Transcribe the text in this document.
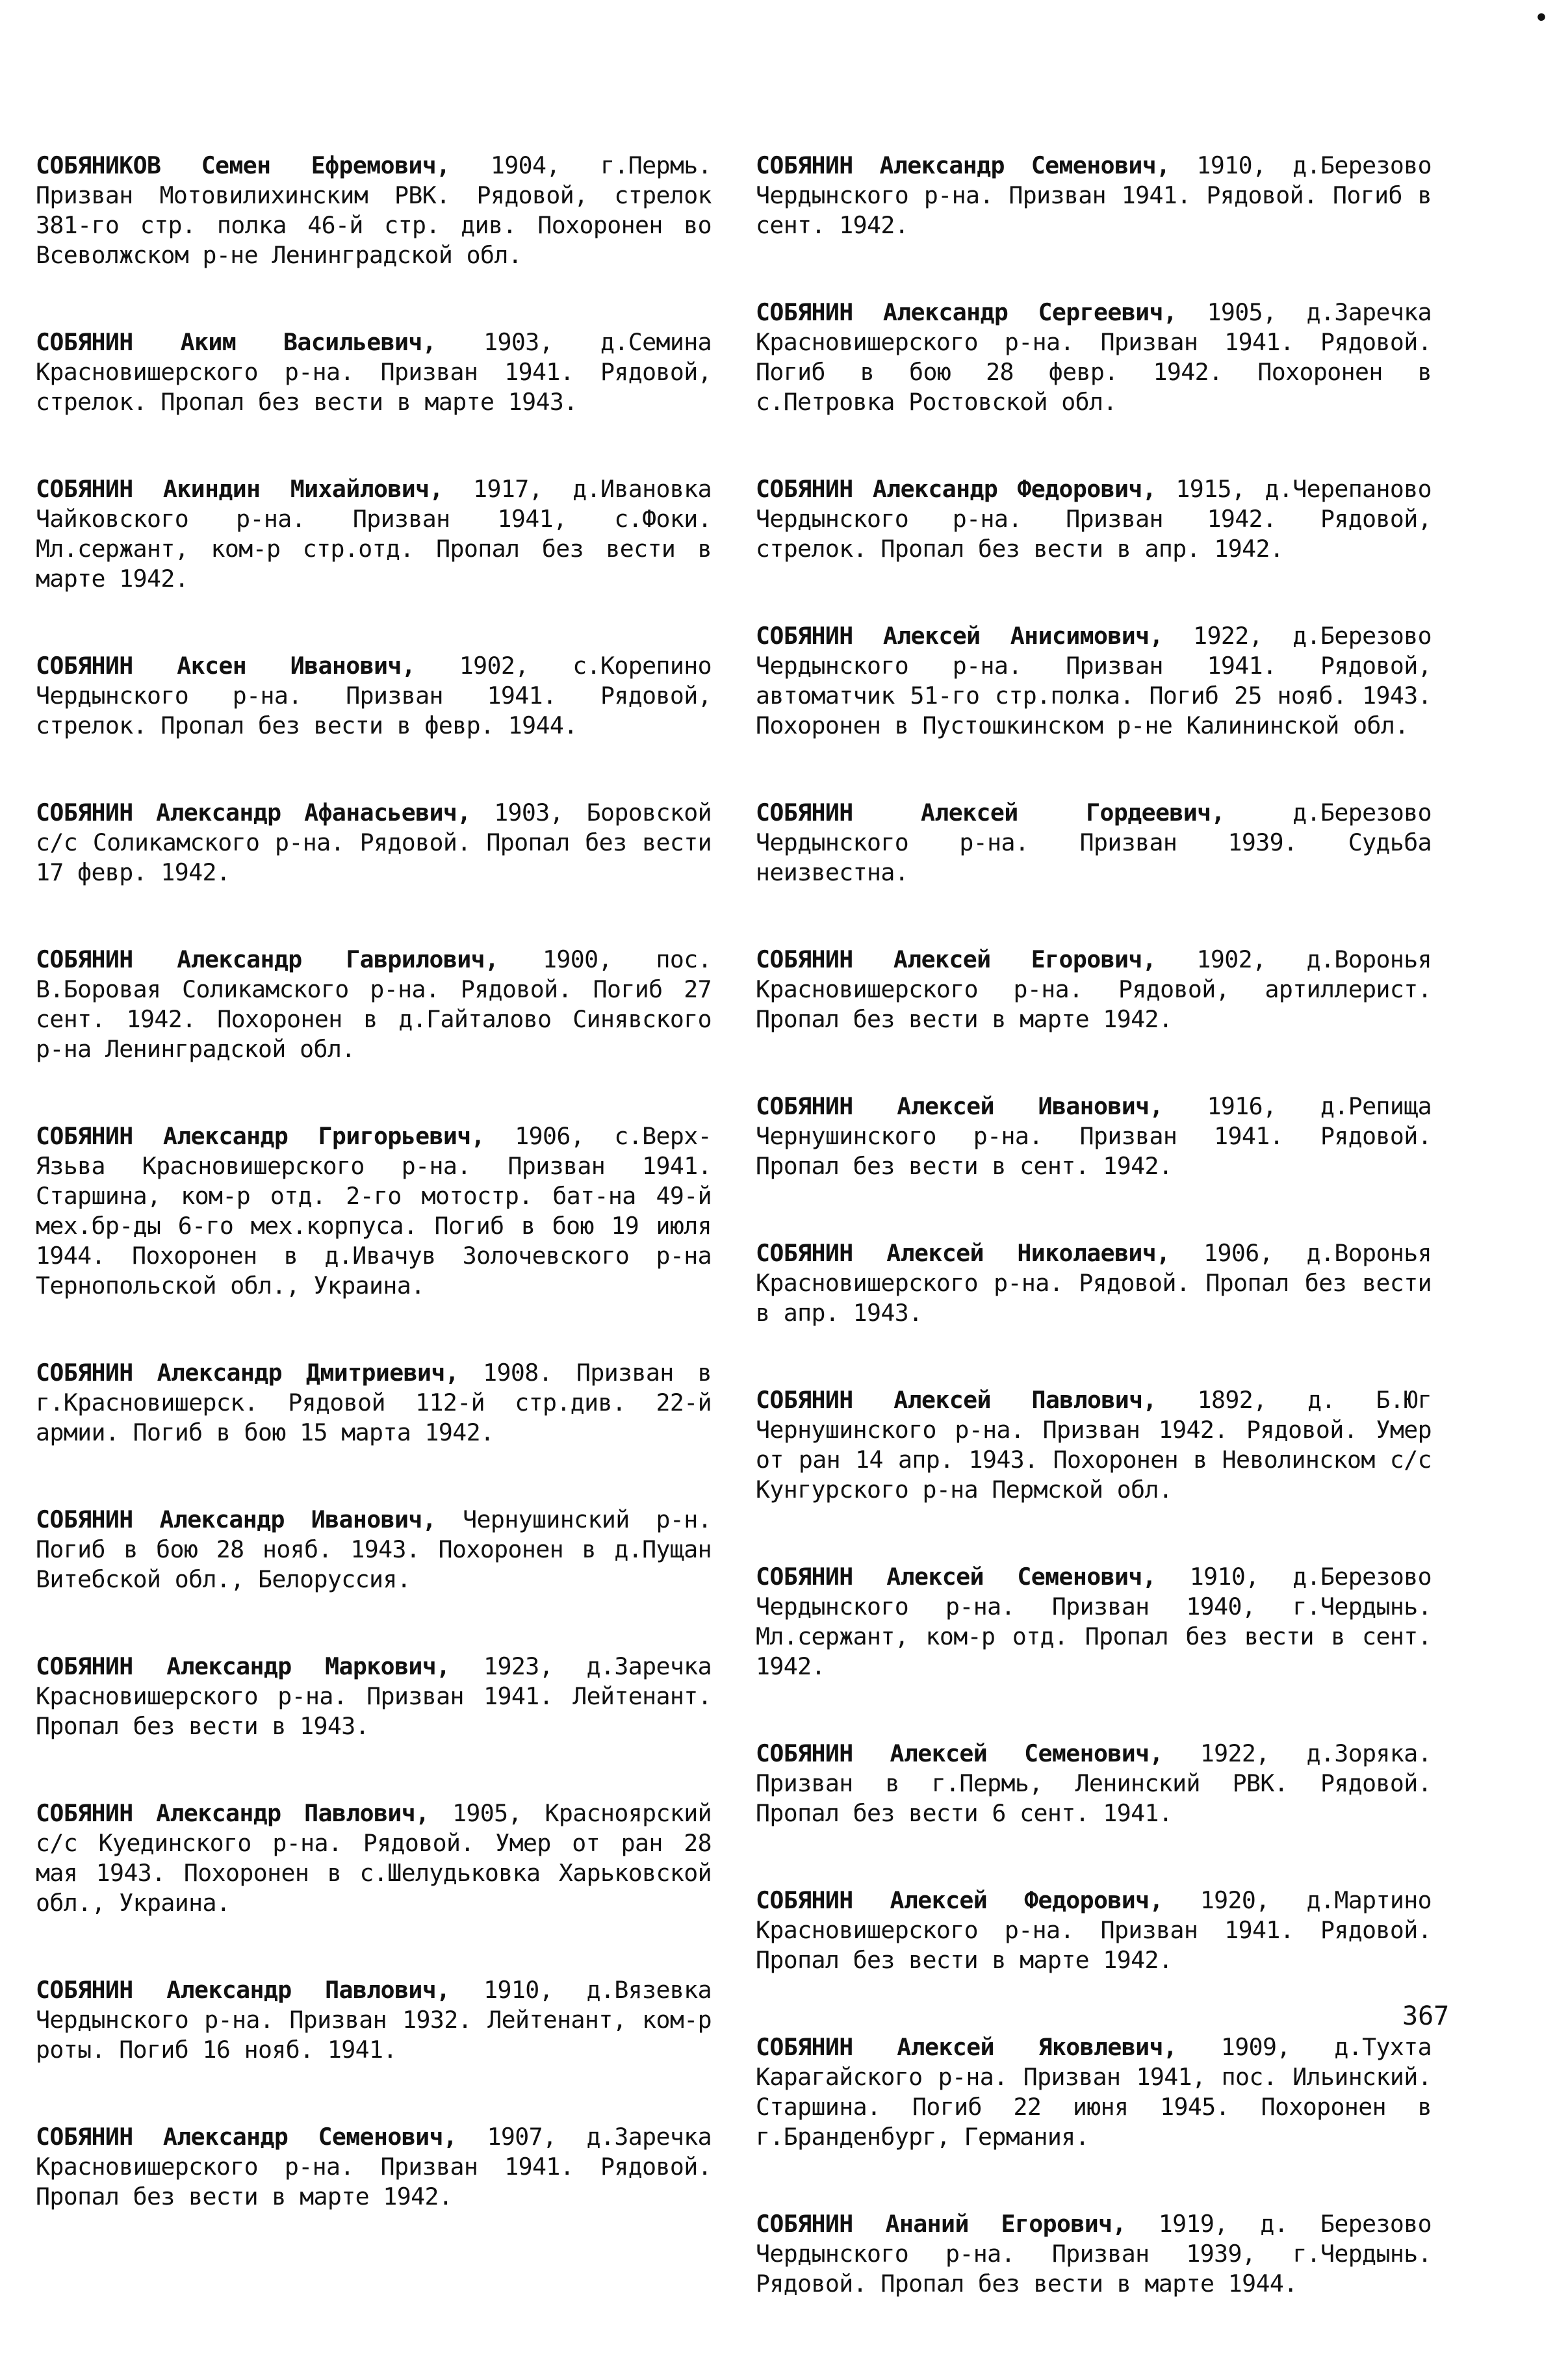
•

СОБЯНИКОВ Семен Ефремович, 1904, г.Пермь. Призван Мотовилихинским РВК. Рядовой, стрелок 381-го стр. полка 46-й стр. див. Похоронен во Всеволжском р-не Ленинградской обл.

СОБЯНИН Аким Васильевич, 1903, д.Семина Красновишерского р-на. Призван 1941. Рядовой, стрелок. Пропал без вести в марте 1943.

СОБЯНИН Акиндин Михайлович, 1917, д.Ивановка Чайковского р-на. Призван 1941, с.Фоки. Мл.сержант, ком-р стр.отд. Пропал без вести в марте 1942.

СОБЯНИН Аксен Иванович, 1902, с.Корепино Чердынского р-на. Призван 1941. Рядовой, стрелок. Пропал без вести в февр. 1944.

СОБЯНИН Александр Афанасьевич, 1903, Боровской с/с Соликамского р-на. Рядовой. Пропал без вести 17 февр. 1942.

СОБЯНИН Александр Гаврилович, 1900, пос. В.Боровая Соликамского р-на. Рядовой. Погиб 27 сент. 1942. Похоронен в д.Гайталово Синявского р-на Ленинградской обл.

СОБЯНИН Александр Григорьевич, 1906, с.Верх-Язьва Красновишерского р-на. Призван 1941. Старшина, ком-р отд. 2-го мотостр. бат-на 49-й мех.бр-ды 6-го мех.корпуса. Погиб в бою 19 июля 1944. Похоронен в д.Ивачув Золочевского р-на Тернопольской обл., Украина.

СОБЯНИН Александр Дмитриевич, 1908. Призван в г.Красновишерск. Рядовой 112-й стр.див. 22-й армии. Погиб в бою 15 марта 1942.

СОБЯНИН Александр Иванович, Чернушинский р-н. Погиб в бою 28 нояб. 1943. Похоронен в д.Пущан Витебской обл., Белоруссия.

СОБЯНИН Александр Маркович, 1923, д.Заречка Красновишерского р-на. Призван 1941. Лейтенант. Пропал без вести в 1943.

СОБЯНИН Александр Павлович, 1905, Краснoярский с/с Куединского р-на. Рядовой. Умер от ран 28 мая 1943. Похоронен в с.Шелудьковка Харьковской обл., Украина.

СОБЯНИН Александр Павлович, 1910, д.Вязевка Чердынского р-на. Призван 1932. Лейтенант, ком-р роты. Погиб 16 нояб. 1941.

СОБЯНИН Александр Семенович, 1907, д.Заречка Красновишерского р-на. Призван 1941. Рядовой. Пропал без вести в марте 1942.

СОБЯНИН Александр Семенович, 1910, д.Березово Чердынского р-на. Призван 1941. Рядовой. Погиб в сент. 1942.

СОБЯНИН Александр Сергеевич, 1905, д.Заречка Красновишерского р-на. Призван 1941. Рядовой. Погиб в бою 28 февр. 1942. Похоронен в с.Петровка Ростовской обл.

СОБЯНИН Александр Федорович, 1915, д.Черепаново Чердынского р-на. Призван 1942. Рядовой, стрелок. Пропал без вести в апр. 1942.

СОБЯНИН Алексей Анисимович, 1922, д.Березово Чердынского р-на. Призван 1941. Рядовой, автоматчик 51-го стр.полка. Погиб 25 нояб. 1943. Похоронен в Пустошкинском р-не Калининской обл.

СОБЯНИН Алексей Гордеевич,	д.Березово Чердынского р-на. Призван 1939. Судьба неизвестна.

СОБЯНИН Алексей Егорович, 1902, д.Воронья Красновишерского р-на. Рядовой, артиллерист. Пропал без вести в марте 1942.

СОБЯНИН Алексей Иванович, 1916, д.Репища Чернушинского р-на. Призван 1941. Рядовой. Пропал без вести в сент. 1942.

СОБЯНИН Алексей Николаевич, 1906, д.Воронья Красновишерского р-на. Рядовой. Пропал без вести в апр. 1943.

СОБЯНИН Алексей Павлович, 1892, д. Б.Юг Чернушинского р-на. Призван 1942. Рядовой. Умер от ран 14 апр. 1943. Похоронен в Неволинском с/с Кунгурского р-на Пермской обл.

СОБЯНИН Алексей Семенович, 1910, д.Березово Чердынского р-на. Призван 1940, г.Чердынь. Мл.сержант, ком-р отд. Пропал без вести в сент. 1942.

СОБЯНИН Алексей Семенович, 1922, д.Зоряка. Призван в г.Пермь, Ленинский РВК. Рядовой. Пропал без вести 6 сент. 1941.

СОБЯНИН Алексей Федорович, 1920, д.Мартино Красновишерского р-на. Призван 1941. Рядовой. Пропал без вести в марте 1942.

СОБЯНИН Алексей Яковлевич, 1909, д.Тухта Карагайского р-на. Призван 1941, пос. Ильинский. Старшина. Погиб 22 июня 1945. Похоронен в г.Бранденбург, Германия.

СОБЯНИН Ананий Егорович, 1919, д. Березово Чердынского р-на. Призван 1939, г.Чердынь. Рядовой. Пропал без вести в марте 1944.

367
